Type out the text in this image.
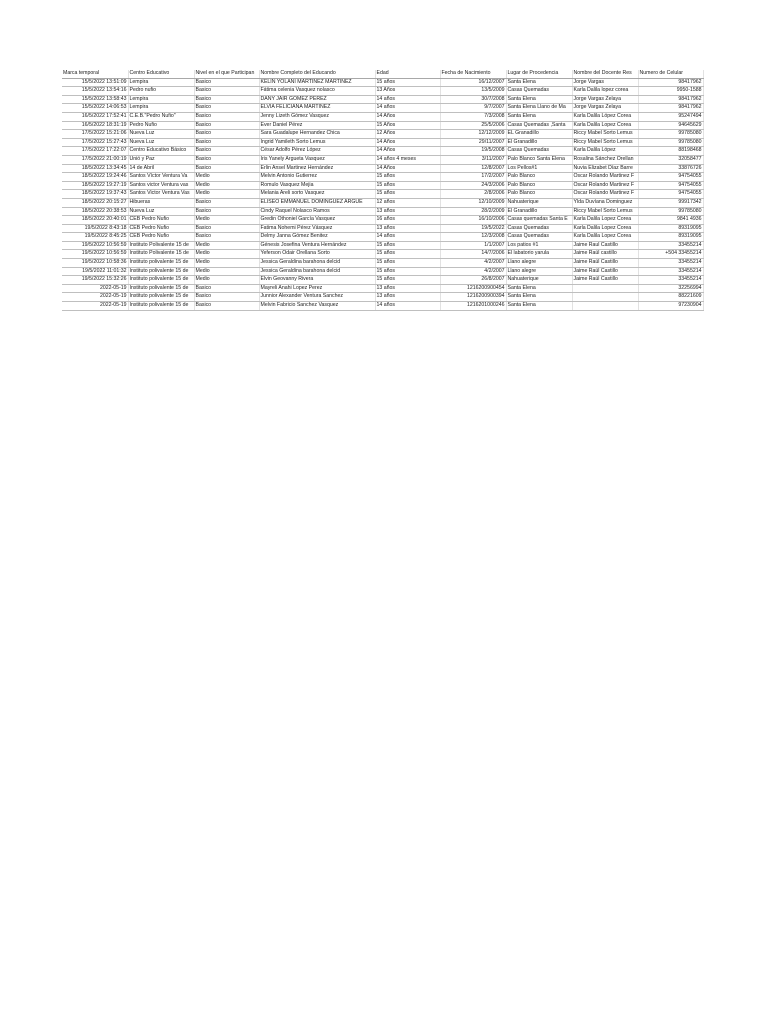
Marca temporal	Centro Educativo	Nivel en el que Participan	Nombre Completo del Educando	Edad	Fecha de Nacimiento	Lugar de Procedencia	Nombre del Docente Res	Numero de Celular
15/5/2022 13:51:09	Lempira	Basico	KELIN YOLANI MARTINEZ MARTINEZ	15 años	16/12/2007	Santa Elena	Jorge Vargas	98417962
15/5/2022 13:54:16	Pedro nufio	Basico	Fátima celenia Vasquez nolasco	13 Años	13/5/2009	Casas Quemadas	Karla Dalila lopez corea	9950-1588
15/5/2022 13:58:43	Lempira	Basico	DANY JAIR GOMEZ PEREZ	14 años	30/7/2008	Santa Elena	Jorge Vargas Zelaya	98417962
15/5/2022 14:06:53	Lempira	Basico	ELVIA FELICIANA MARTINEZ	14 años	9/7/2007	Santa Elena Llano de Ma	Jorge Vargas Zelaya	98417962
16/5/2022 17:52:41	C.E.B."Pedro Nufio"	Basico	Jenny Lizeth Gómez Vasquez	14 Años	7/3/2008	Santa Elena	Karla Dalila López Corea	95247494
16/5/2022 18:31:19	Pedro Nufio	Basico	Ever Daniel Pérez	15 Años	25/5/2006	Casas Quemadas ,Santa	Karla Dalila Lopez Corea	94645629
17/5/2022 15:21:06	Nueva Luz	Basico	Sara Guadalupe Hernandez Chica	12 Años	12/12/2009	EL Granadillo	Riccy Mabel Sorto Lemus	99785080
17/5/2022 15:27:43	Nueva Luz	Basico	Ingrid Yamileth Sorto Lemus	14 Años	29/11/2007	El Granadillo	Riccy Mabel Sorto Lemus	99785080
17/5/2022 17:22:07	Centro Educativo Básico	Basico	César Adolfo Pérez López	14 Años	19/5/2008	Casas Quemadas	Karla Dalila López	88198468
17/5/2022 21:00:19	Unió y Paz	Basico	Iris Yanely Argueta Vasquez	14 años 4 meses	3/11/2007	Palo Blanco Santa Elena	Rosalina Sánchez Orellan	32058477
18/5/2022 13:34:45	14 de Abril	Basico	Erlin Ansel Martinez Hernández	14 Años	12/8/2007	Los Pellos#1	Nuvia Elizabet Díaz Barre	33876726
18/5/2022 19:24:46	Santos Víctor Ventura Va	Medio	Melvin Antonio Gutierrez	15 años	17/2/2007	Palo Blanco	Oscar Rolando Martinez F	94754055
18/5/2022 19:27:19	Santos victor Ventura vas	Medio	Romulo Vasquez Mejia	15 años	24/3/2006	Palo Blanco	Oscar Rolando Martinez F	94754055
18/5/2022 19:37:43	Santos Victor Ventura Vas	Medio	Melania Areli sorto Vasquez	15 años	2/8/2006	Palo Blanco	Oscar Rolando Martinez F	94754055
18/5/2022 20:15:27	Hibueras	Basico	ELISEO EMMANUEL DOMINGUEZ ARGUE	12 años	12/10/2009	Nahuaterique	Ylda Duvíana Dominguez	99917342
18/5/2022 20:38:53	Nueva Luz	Basico	Cindy Raquel Nolasco Ramos	13 años	28/2/2009	El Granadillo	Riccy Mabel Sorto Lemus	99785080
18/5/2022 20:40:01	CEB Pedro Nufio	Medio	Gredin Othoniel García Vasquez	16 años	16/10/2006	Casas quemadas Santa E	Karla Dalila Lopez Corea	9841 4936
19/5/2022 8:43:18	CEB Pedro Nufio	Basico	Fatima Nohemi Pérez Vásquez	13 años	19/5/2022	Casas Quemadas	Karla Dalila Lopez Corea	89319095
19/5/2022 8:45:25	CEB Pedro Nufio	Basico	Delmy Janna Gómez Benitez	14 años	12/3/2008	Casas Quemadas	Karla Dalila Lopez Corea	89319095
19/5/2022 10:56:59	Instituto Polivalente 15 de	Medio	Génesis Josefina Ventura Hernández	15 años	1/1/2007	Los patios #1	Jaime Raul Castillo	33455214
19/5/2022 10:56:59	Instituto Polivalente 15 de	Medio	Yeferson Odair Orellana Sorto	15 años	14/7/2006	El labatorio yarula	Jaime Raúl castillo	+504 33455214
19/5/2022 10:58:36	Instituto polivalente 15 de	Medio	Jessica Geraldina barahona delcid	15 años	4/2/2007	Llano alegre	Jaime Raúl Castillo	33455214
19/5/2022 11:01:32	Instituto polivalente 15 de	Medio	Jessica Geraldina barahona delcid	15 años	4/2/2007	Llano alegre	Jaime Raúl Castillo	33455214
19/5/2022 15:32:26	Instituto polivalente 15 de	Medio	Elvin Geovanny Rivera	15 años	26/8/2007	Nahuaterique	Jaime Raúl Castillo	33455214
2022-05-19	Instituto polivalente 15 de	Basico	Mayreli Anahi Lopez Perez	13 años	1216200900454	Santa Elena		32256994
2022-05-19	Instituto polivalente 15 de	Basico	Junnior Alexander Ventura Sanchez	13 años	1216200900394	Santa Elena		88221609
2022-05-19	Instituto polivalente 15 de	Basico	Melvin Fabricio Sanchez Vasquez	14 años	1216201000246	Santa Elena		97230904
